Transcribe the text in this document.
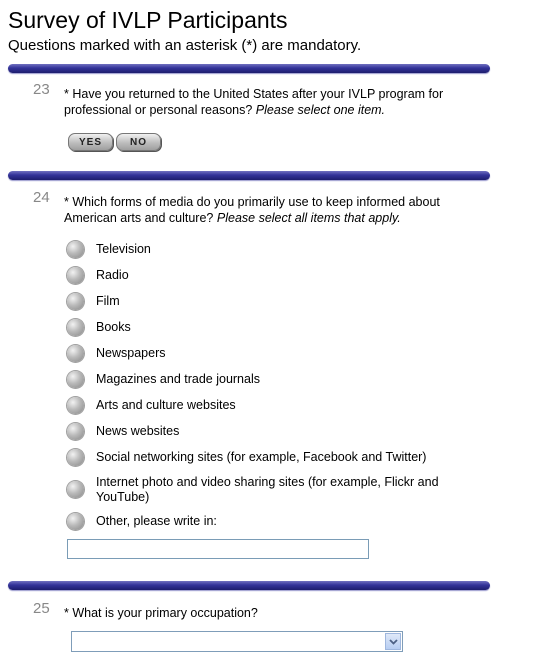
Survey of IVLP Participants
Questions marked with an asterisk (*) are mandatory.
23 * Have you returned to the United States after your IVLP program for professional or personal reasons? Please select one item.
YES	NO
24 * Which forms of media do you primarily use to keep informed about American arts and culture? Please select all items that apply.
Television
Radio
Film
Books
Newspapers
Magazines and trade journals
Arts and culture websites
News websites
Social networking sites (for example, Facebook and Twitter)
Internet photo and video sharing sites (for example, Flickr and YouTube)
Other, please write in:
25 * What is your primary occupation?
